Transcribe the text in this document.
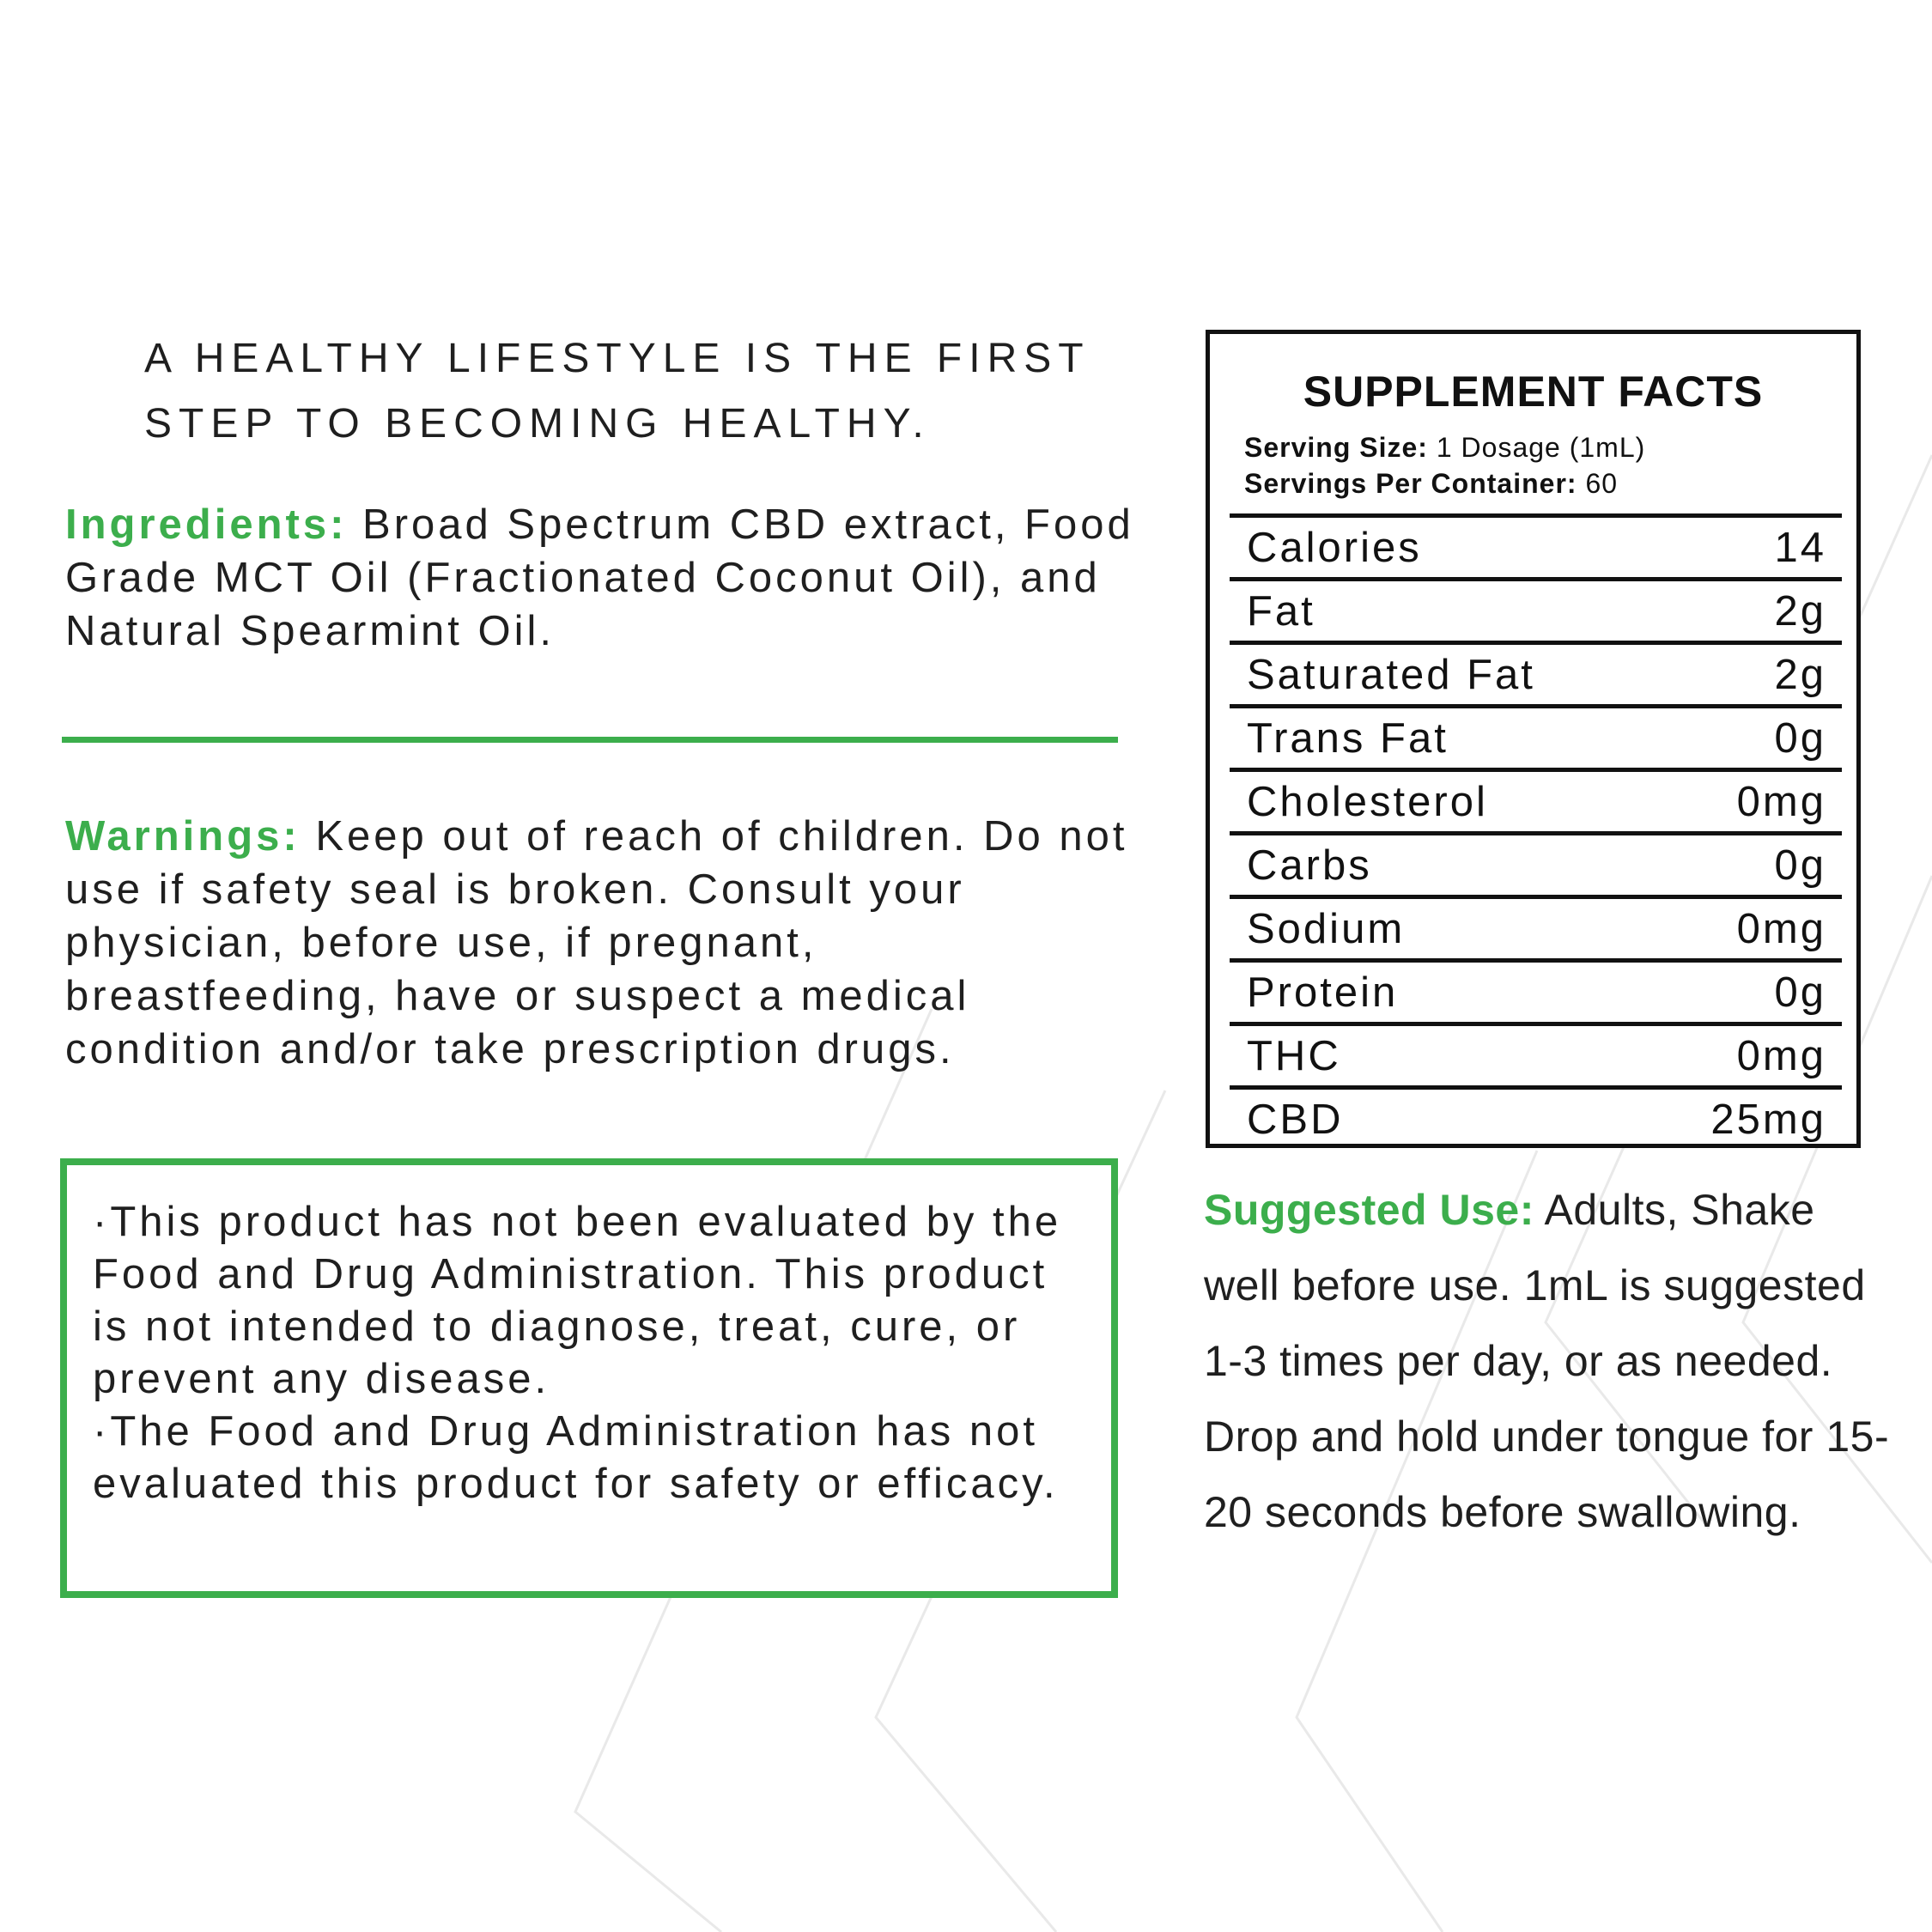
A HEALTHY LIFESTYLE IS THE FIRST
STEP TO BECOMING HEALTHY.
Ingredients: Broad Spectrum CBD extract, Food Grade MCT Oil (Fractionated Coconut Oil), and Natural Spearmint Oil.
Warnings: Keep out of reach of children. Do not use if safety seal is broken. Consult your physician, before use, if pregnant, breastfeeding, have or suspect a medical condition and/or take prescription drugs.
·This product has not been evaluated by the Food and Drug Administration. This product is not intended to diagnose, treat, cure, or prevent any disease.
·The Food and Drug Administration has not evaluated this product for safety or efficacy.
SUPPLEMENT FACTS
Serving Size: 1 Dosage (1mL)
Servings Per Container: 60
Calories	14
Fat	2g
Saturated Fat	2g
Trans Fat	0g
Cholesterol	0mg
Carbs	0g
Sodium	0mg
Protein	0g
THC	0mg
CBD	25mg
Suggested Use: Adults, Shake well before use. 1mL is suggested 1-3 times per day, or as needed. Drop and hold under tongue for 15-20 seconds before swallowing.
